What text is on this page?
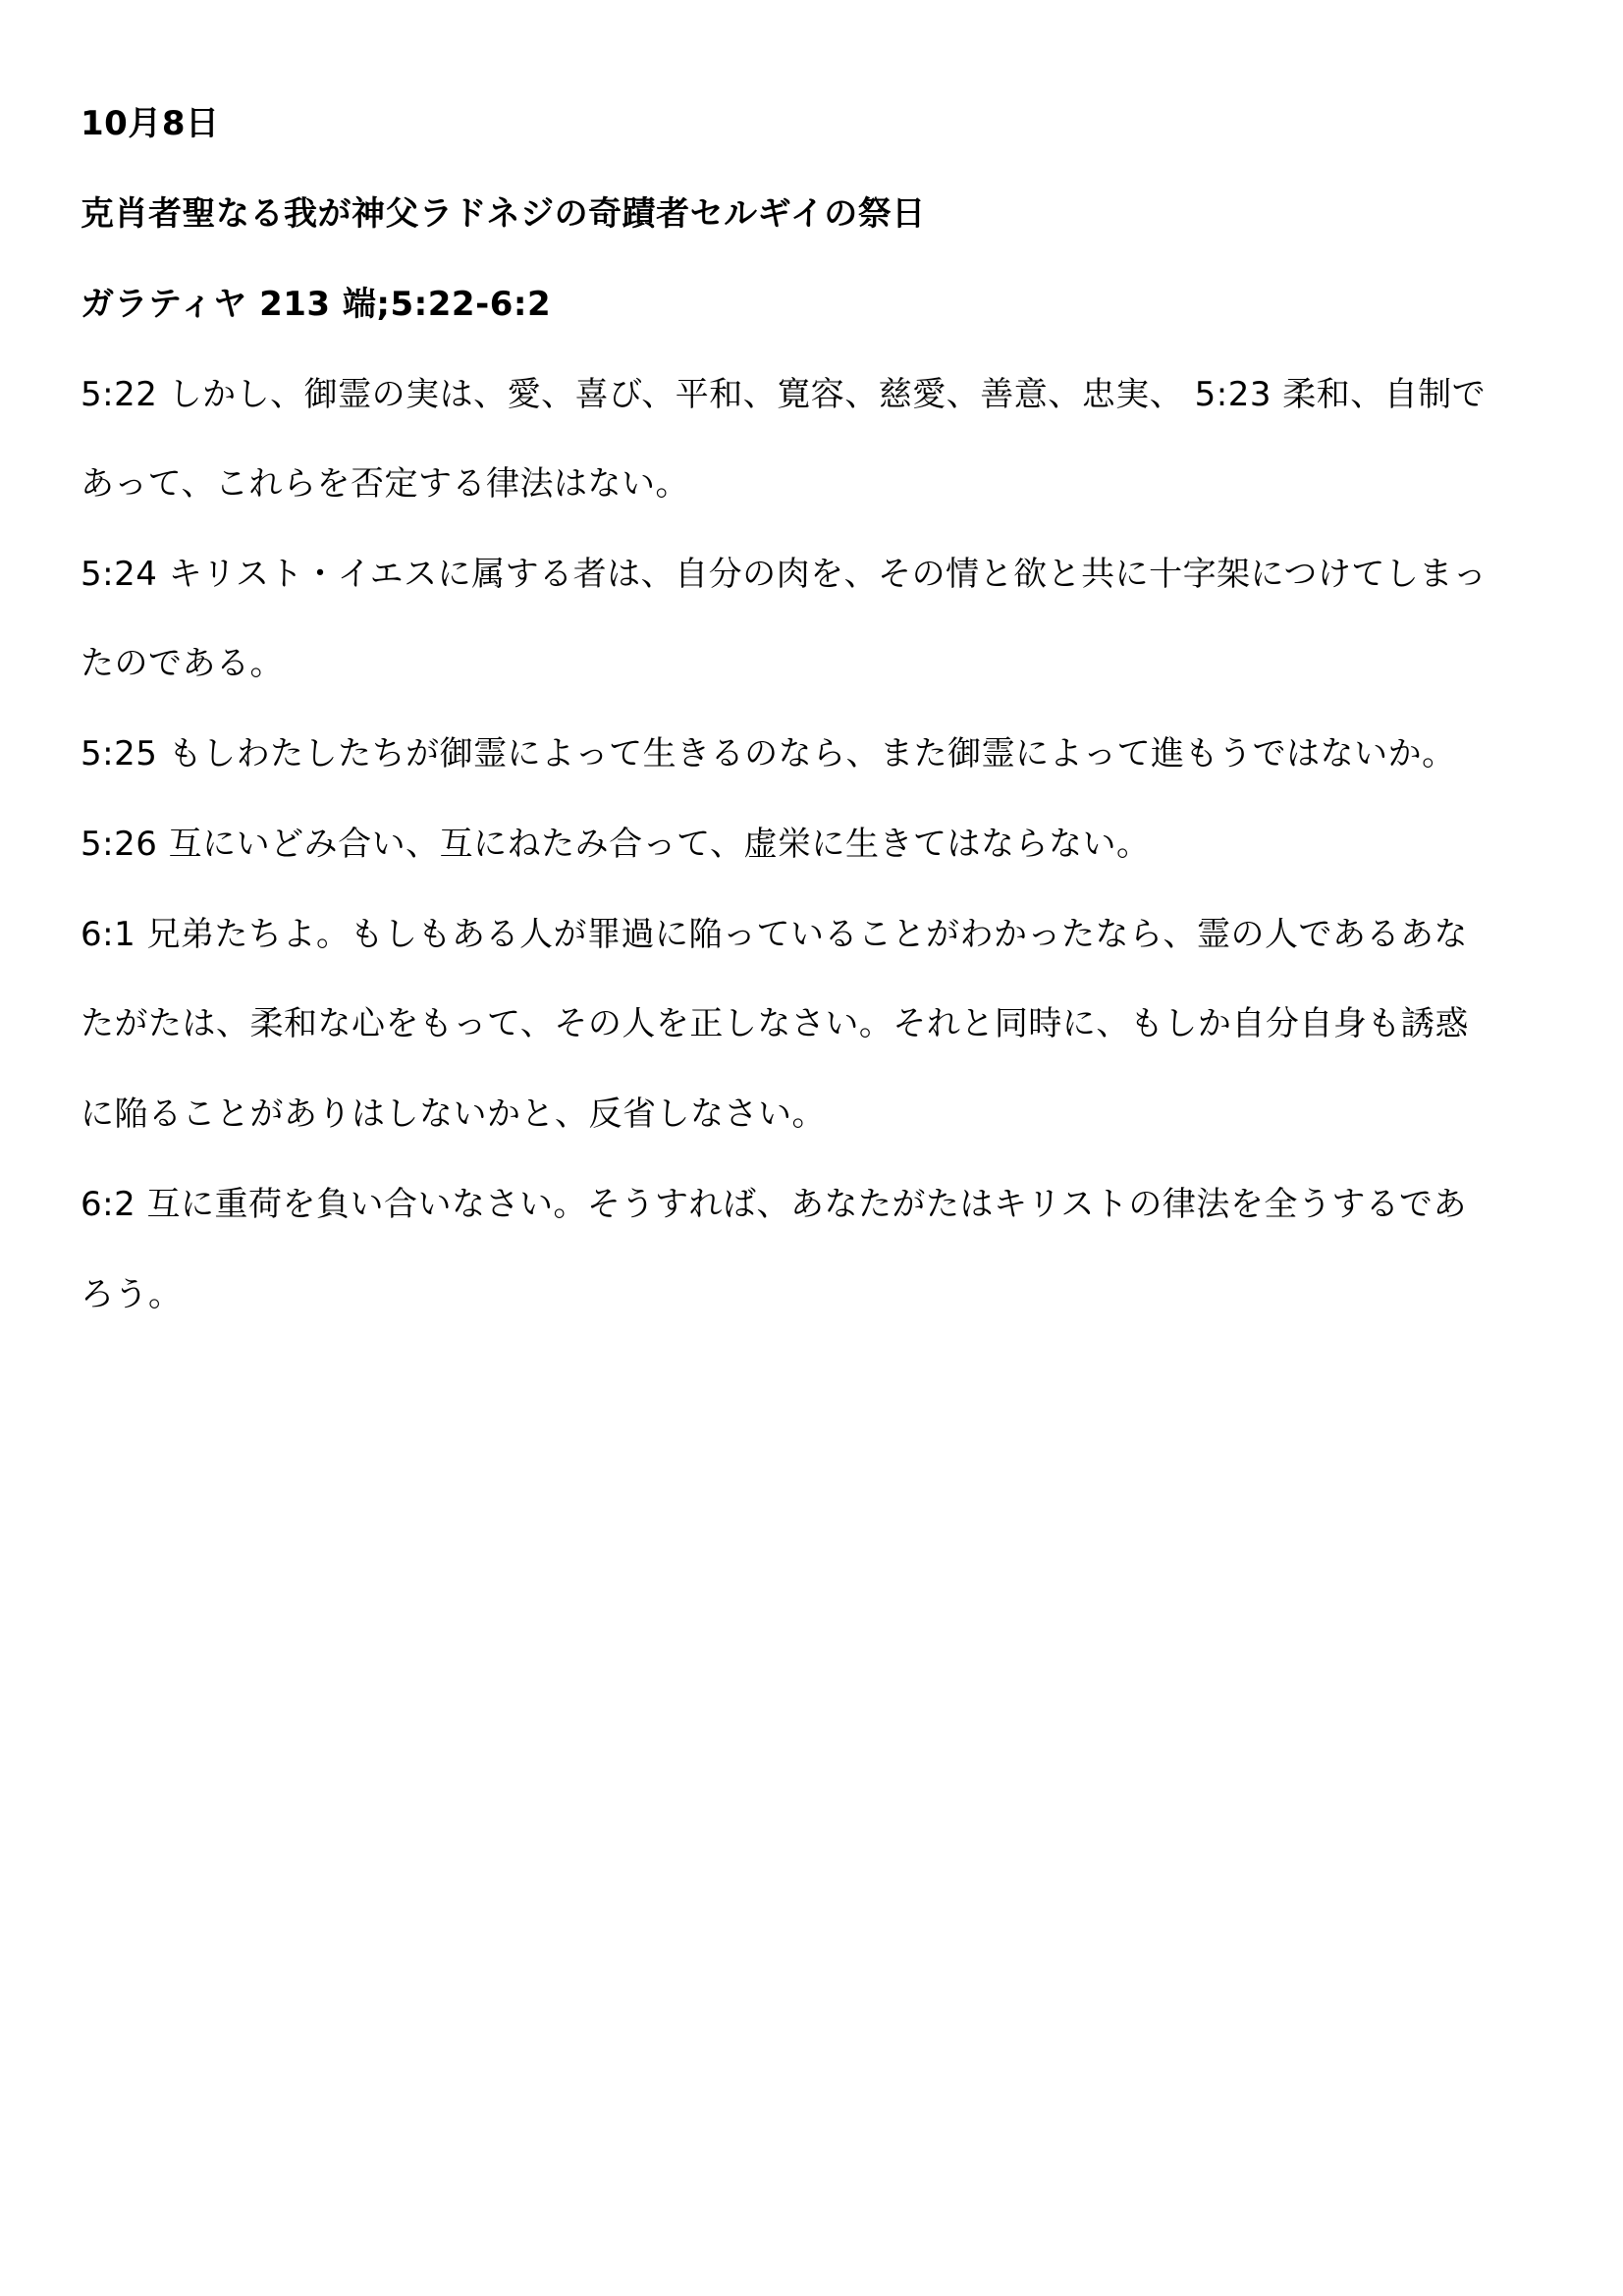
10月8日
克肖者聖なる我が神父ラドネジの奇蹟者セルギイの祭日
ガラティヤ 213 端;5:22-6:2
5:22 しかし、御霊の実は、愛、喜び、平和、寛容、慈愛、善意、忠実、 5:23 柔和、自制で
あって、これらを否定する律法はない。
5:24 キリスト・イエスに属する者は、自分の肉を、その情と欲と共に十字架につけてしまっ
たのである。
5:25 もしわたしたちが御霊によって生きるのなら、また御霊によって進もうではないか。
5:26 互にいどみ合い、互にねたみ合って、虚栄に生きてはならない。
6:1 兄弟たちよ。もしもある人が罪過に陥っていることがわかったなら、霊の人であるあな
たがたは、柔和な心をもって、その人を正しなさい。それと同時に、もしか自分自身も誘惑
に陥ることがありはしないかと、反省しなさい。
6:2 互に重荷を負い合いなさい。そうすれば、あなたがたはキリストの律法を全うするであ
ろう。
